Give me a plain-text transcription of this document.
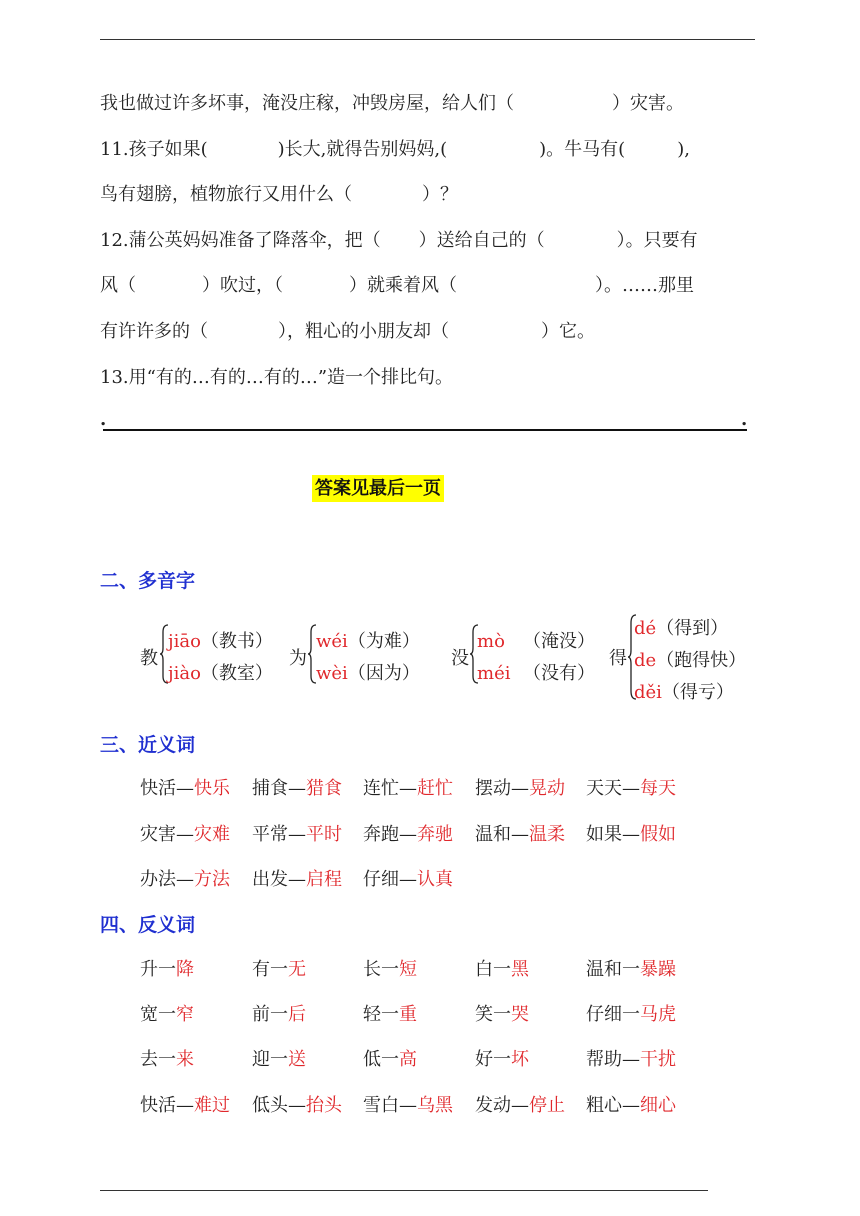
我也做过许多坏事，淹没庄稼，冲毁房屋，给人们（	）灾害。
11.孩子如果(	)长大,就得告别妈妈,(	)。牛马有(	),
鸟有翅膀，植物旅行又用什么（	）？
12.蒲公英妈妈准备了降落伞，把（ ）送给自己的（	）。只要有
风（	）吹过，（	）就乘着风（	）。……那里
有许许多的（	），粗心的小朋友却（	）它。
13.用“有的…有的…有的…”造一个排比句。
.	.
答案见最后一页
二、多音字
教
jiāo（教书）
jiào（教室）
为
wéi（为难）
wèi（因为）
没
mò （淹没）
méi （没有）
得
dé（得到）
de（跑得快）
děi（得亏）
三、近义词
快活—快乐 捕食—猎食 连忙—赶忙 摆动—晃动 天天—每天
灾害—灾难 平常—平时 奔跑—奔驰 温和—温柔 如果—假如
办法—方法 出发—启程 仔细—认真
四、反义词
升一降	有一无	长一短	白一黑	温和一暴躁
宽一窄	前一后	轻一重	笑一哭	仔细一马虎
去一来	迎一送	低一高	好一坏	帮助—干扰
快活—难过 低头—抬头 雪白—乌黑 发动—停止 粗心—细心
